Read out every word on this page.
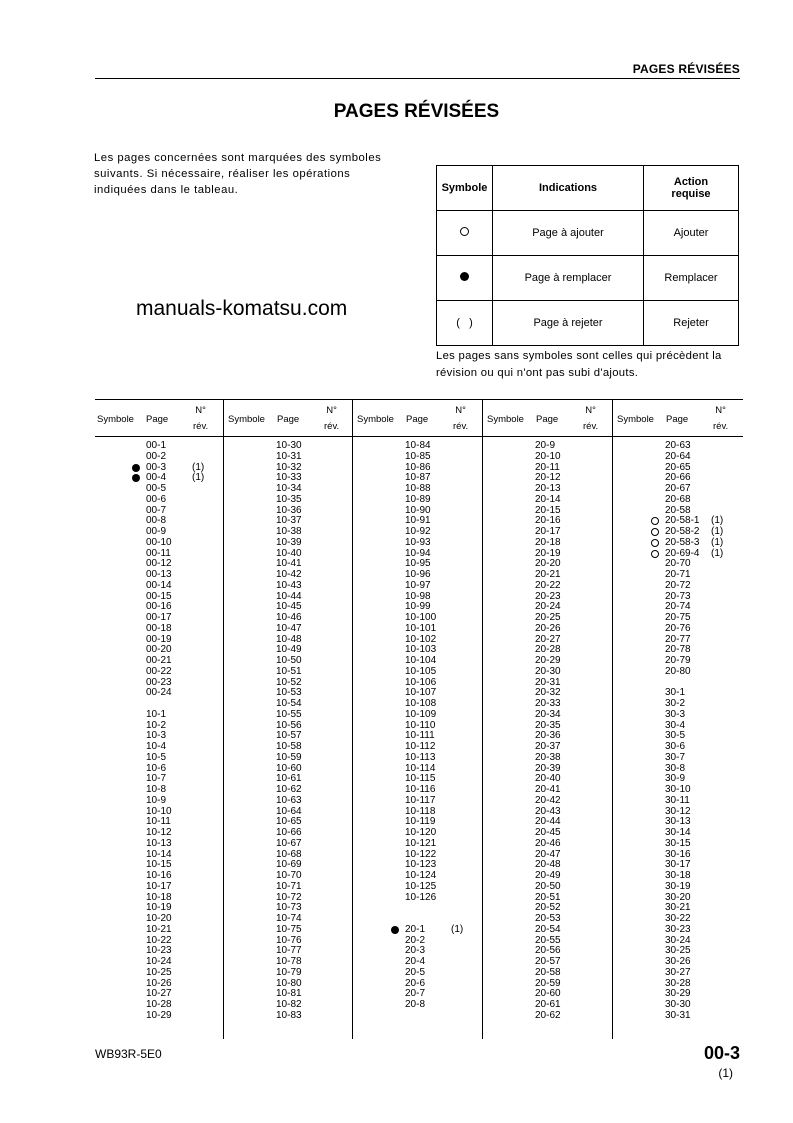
PAGES RÉVISÉES
PAGES RÉVISÉES
Les pages concernées sont marquées des symboles
suivants. Si nécessaire, réaliser les opérations
indiquées dans le tableau.
manuals-komatsu.com
Symbole	Indications	Action
requise

	Page à ajouter	Ajouter
	Page à remplacer	Remplacer
(   )	Page à rejeter	Rejeter
Les pages sans symboles sont celles qui précèdent la
révision ou qui n'ont pas subi d'ajouts.
Symbole Page
N°
rév.
Symbole Page
N°
rév.
Symbole Page
N°
rév.
Symbole Page
N°
rév.
Symbole Page
N°
rév.
00-1
00-2
00-3	(1)
00-4	(1)
00-5
00-6
00-7
00-8
00-9
00-10
00-11
00-12
00-13
00-14
00-15
00-16
00-17
00-18
00-19
00-20
00-21
00-22
00-23
00-24
10-1
10-2
10-3
10-4
10-5
10-6
10-7
10-8
10-9
10-10
10-11
10-12
10-13
10-14
10-15
10-16
10-17
10-18
10-19
10-20
10-21
10-22
10-23
10-24
10-25
10-26
10-27
10-28
10-29
10-30
10-31
10-32
10-33
10-34
10-35
10-36
10-37
10-38
10-39
10-40
10-41
10-42
10-43
10-44
10-45
10-46
10-47
10-48
10-49
10-50
10-51
10-52
10-53
10-54
10-55
10-56
10-57
10-58
10-59
10-60
10-61
10-62
10-63
10-64
10-65
10-66
10-67
10-68
10-69
10-70
10-71
10-72
10-73
10-74
10-75
10-76
10-77
10-78
10-79
10-80
10-81
10-82
10-83
10-84
10-85
10-86
10-87
10-88
10-89
10-90
10-91
10-92
10-93
10-94
10-95
10-96
10-97
10-98
10-99
10-100
10-101
10-102
10-103
10-104
10-105
10-106
10-107
10-108
10-109
10-110
10-111
10-112
10-113
10-114
10-115
10-116
10-117
10-118
10-119
10-120
10-121
10-122
10-123
10-124
10-125
10-126
20-1	(1)
20-2
20-3
20-4
20-5
20-6
20-7
20-8
20-9
20-10
20-11
20-12
20-13
20-14
20-15
20-16
20-17
20-18
20-19
20-20
20-21
20-22
20-23
20-24
20-25
20-26
20-27
20-28
20-29
20-30
20-31
20-32
20-33
20-34
20-35
20-36
20-37
20-38
20-39
20-40
20-41
20-42
20-43
20-44
20-45
20-46
20-47
20-48
20-49
20-50
20-51
20-52
20-53
20-54
20-55
20-56
20-57
20-58
20-59
20-60
20-61
20-62
20-63
20-64
20-65
20-66
20-67
20-68
20-58
20-58-1 (1)
20-58-2 (1)
20-58-3 (1)
20-69-4 (1)
20-70
20-71
20-72
20-73
20-74
20-75
20-76
20-77
20-78
20-79
20-80
30-1
30-2
30-3
30-4
30-5
30-6
30-7
30-8
30-9
30-10
30-11
30-12
30-13
30-14
30-15
30-16
30-17
30-18
30-19
30-20
30-21
30-22
30-23
30-24
30-25
30-26
30-27
30-28
30-29
30-30
30-31
WB93R-5E0	00-3
(1)
